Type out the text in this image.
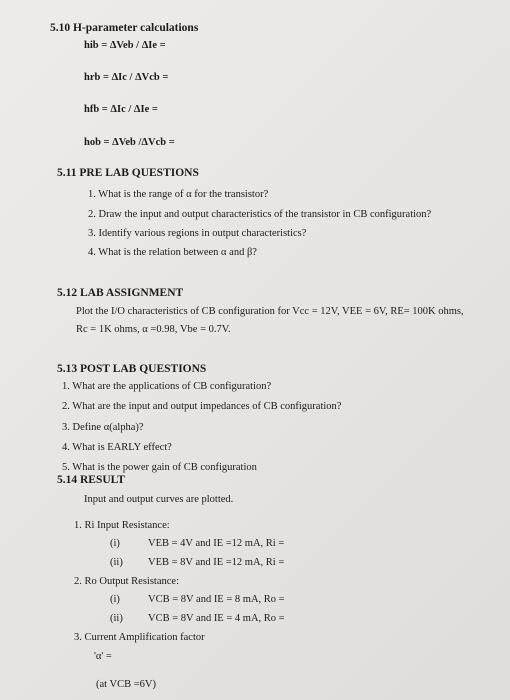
5.10 H-parameter calculations
hib = ΔVeb / ΔIe =
hrb = ΔIc / ΔVcb =
hfb = ΔIc / ΔIe =
hob = ΔVeb /ΔVcb =
5.11 PRE LAB QUESTIONS
1. What is the range of α for the transistor?
2. Draw the input and output characteristics of the transistor in CB configuration?
3. Identify various regions in output characteristics?
4. What is the relation between α and β?
5.12 LAB ASSIGNMENT
Plot the I/O characteristics of CB configuration for Vcc = 12V, VEE = 6V, RE= 100K ohms,
Rc = 1K ohms, α =0.98, Vbe = 0.7V.
5.13 POST LAB QUESTIONS
1. What are the applications of CB configuration?
2. What are the input and output impedances of CB configuration?
3. Define α(alpha)?
4. What is EARLY effect?
5. What is the power gain of CB configuration
5.14 RESULT
Input and output curves are plotted.
1. Ri Input Resistance:
(i)	VEB = 4V and IE =12 mA, Ri =
(ii) VEB = 8V and IE =12 mA, Ri =
2. Ro Output Resistance:
(i)	VCB = 8V and IE = 8 mA, Ro =
(ii) VCB = 8V and IE = 4 mA, Ro =
3. Current Amplification factor
'α' =
(at VCB =6V)
